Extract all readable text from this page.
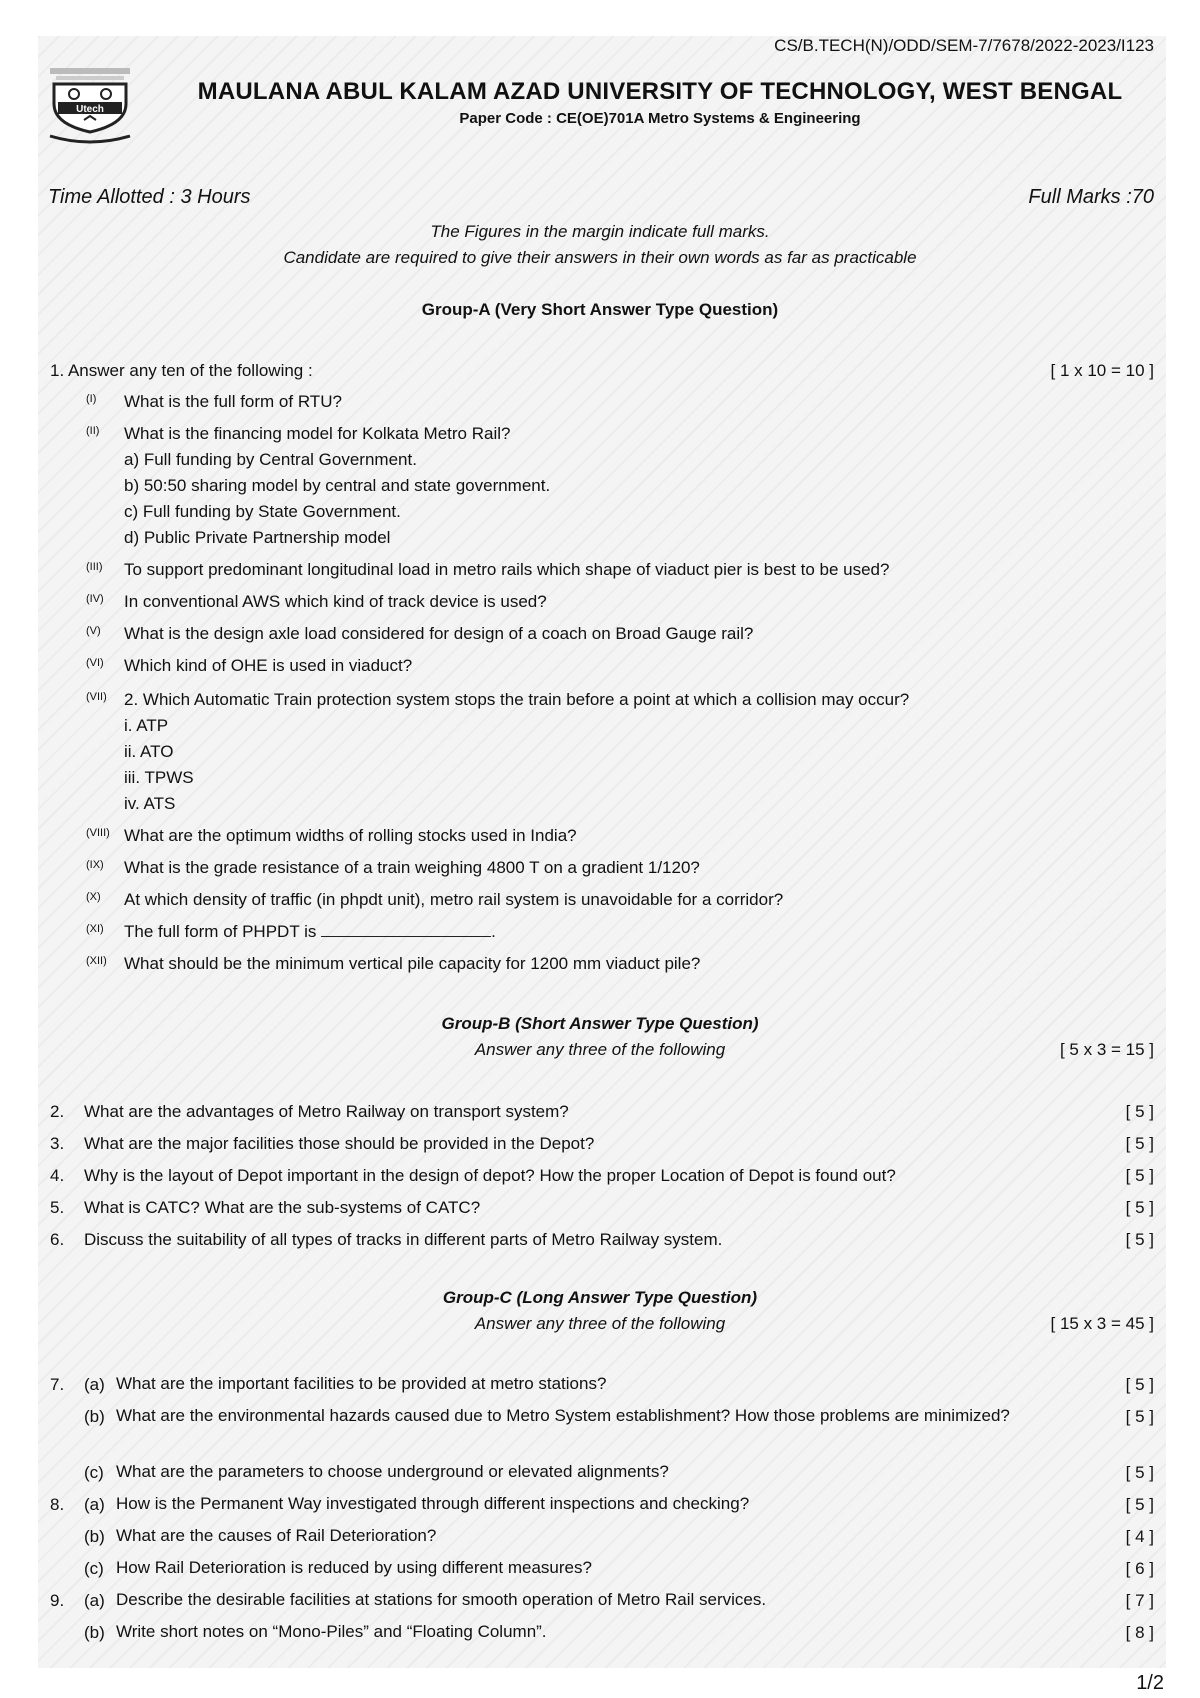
CS/B.TECH(N)/ODD/SEM-7/7678/2022-2023/I123
Utech
MAULANA ABUL KALAM AZAD UNIVERSITY OF TECHNOLOGY, WEST BENGAL
Paper Code : CE(OE)701A Metro Systems & Engineering
Time Allotted : 3 Hours	Full Marks :70
The Figures in the margin indicate full marks.
Candidate are required to give their answers in their own words as far as practicable
Group-A (Very Short Answer Type Question)
1. Answer any ten of the following :	[ 1 x 10 = 10 ]
(I) What is the full form of RTU?
(II) What is the financing model for Kolkata Metro Rail?
a) Full funding by Central Government.
b) 50:50 sharing model by central and state government.
c) Full funding by State Government.
d) Public Private Partnership model
(III) To support predominant longitudinal load in metro rails which shape of viaduct pier is best to be used?
(IV) In conventional AWS which kind of track device is used?
(V) What is the design axle load considered for design of a coach on Broad Gauge rail?
(VI) Which kind of OHE is used in viaduct?
(VII) 2. Which Automatic Train protection system stops the train before a point at which a collision may occur?
i. ATP
ii. ATO
iii. TPWS
iv. ATS
(VIII) What are the optimum widths of rolling stocks used in India?
(IX) What is the grade resistance of a train weighing 4800 T on a gradient 1/120?
(X) At which density of traffic (in phpdt unit), metro rail system is unavoidable for a corridor?
(XI) The full form of PHPDT is	.
(XII) What should be the minimum vertical pile capacity for 1200 mm viaduct pile?
Group-B (Short Answer Type Question)
Answer any three of the following	[ 5 x 3 = 15 ]
2. What are the advantages of Metro Railway on transport system?	[ 5 ]
3. What are the major facilities those should be provided in the Depot?	[ 5 ]
4. Why is the layout of Depot important in the design of depot? How the proper Location of Depot is found out?	[ 5 ]
5. What is CATC? What are the sub-systems of CATC?	[ 5 ]
6. Discuss the suitability of all types of tracks in different parts of Metro Railway system.	[ 5 ]
Group-C (Long Answer Type Question)
Answer any three of the following	[ 15 x 3 = 45 ]
7. (a) What are the important facilities to be provided at metro stations?	[ 5 ]
(b) What are the environmental hazards caused due to Metro System establishment? How those problems are minimized?	[ 5 ]
(c) What are the parameters to choose underground or elevated alignments?	[ 5 ]
8. (a) How is the Permanent Way investigated through different inspections and checking?	[ 5 ]
(b) What are the causes of Rail Deterioration?	[ 4 ]
(c) How Rail Deterioration is reduced by using different measures?	[ 6 ]
9. (a) Describe the desirable facilities at stations for smooth operation of Metro Rail services.	[ 7 ]
(b) Write short notes on “Mono-Piles” and “Floating Column”.	[ 8 ]
1/2
